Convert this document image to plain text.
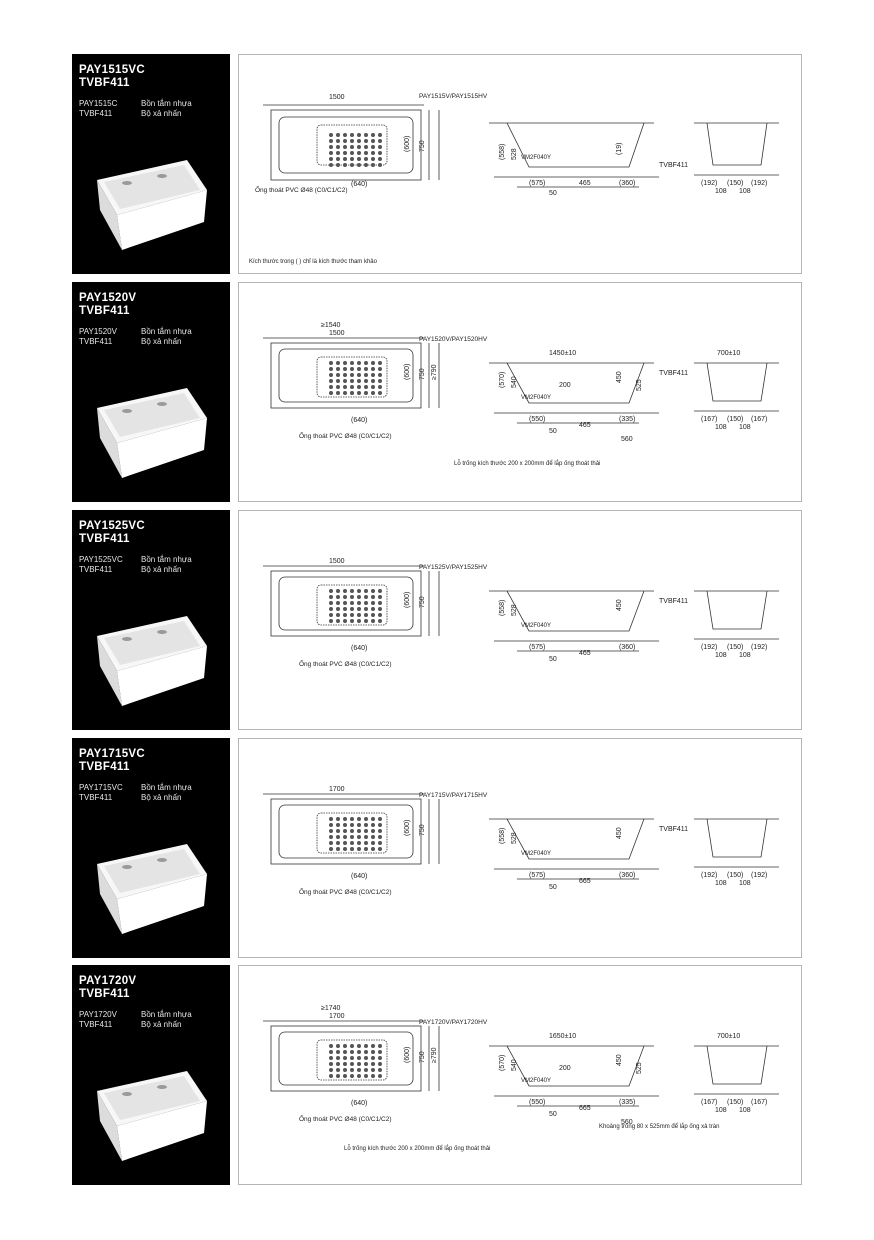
PAY1515VC
TVBF411
PAY1515C	Bồn tắm nhựa
TVBF411	Bộ xả nhấn
1500
(600) 750
(640)
PAY1515V/PAY1515HV
Ống thoát PVC Ø48 (C0/C1/C2)
(558) 528	(19)
(575)	465	(360)
50
VM2F040Y
TVBF411
(192) (150) (192)
108 108
Kích thước trong ( ) chỉ là kích thước tham khảo
PAY1520V
TVBF411
PAY1520V	Bồn tắm nhựa
TVBF411	Bộ xả nhấn
1500
≥1540
(600) 750 ≥790
(640)
PAY1520V/PAY1520HV
Ống thoát PVC Ø48 (C0/C1/C2)
1450±10
(570) 540	450
(550)
465
(335)
50
200	525
560
VM2F040Y
TVBF411
700±10
(167) (150) (167)
108 108
Lỗ trống kích thước 200 x 200mm để lắp ống thoát thải
PAY1525VC
TVBF411
PAY1525VC Bồn tắm nhựa
TVBF411	Bộ xả nhấn
1500
(600) 750
(640)
PAY1525V/PAY1525HV
Ống thoát PVC Ø48 (C0/C1/C2)
(558) 528	450
(575)
465
(360)
50
VM2F040Y
TVBF411
(192) (150) (192)
108 108
PAY1715VC
TVBF411
PAY1715VC Bồn tắm nhựa
TVBF411	Bộ xả nhấn
1700
(600) 750
(640)
PAY1715V/PAY1715HV
Ống thoát PVC Ø48 (C0/C1/C2)
(558) 528	450
(575)
665
(360)
50
VM2F040Y
TVBF411
(192) (150) (192)
108 108
PAY1720V
TVBF411
PAY1720V	Bồn tắm nhựa
TVBF411	Bộ xả nhấn
1700
≥1740
(600) 750 ≥790
(640)
PAY1720V/PAY1720HV
Ống thoát PVC Ø48 (C0/C1/C2)
1650±10
(570) 540	450
(550)
665
(335)
50
200	525
560
VM2F040Y
700±10
(167) (150) (167)
108 108
Khoảng trống 80 x 525mm để lắp ống xả tràn
Lỗ trống kích thước 200 x 200mm để lắp ống thoát thải
